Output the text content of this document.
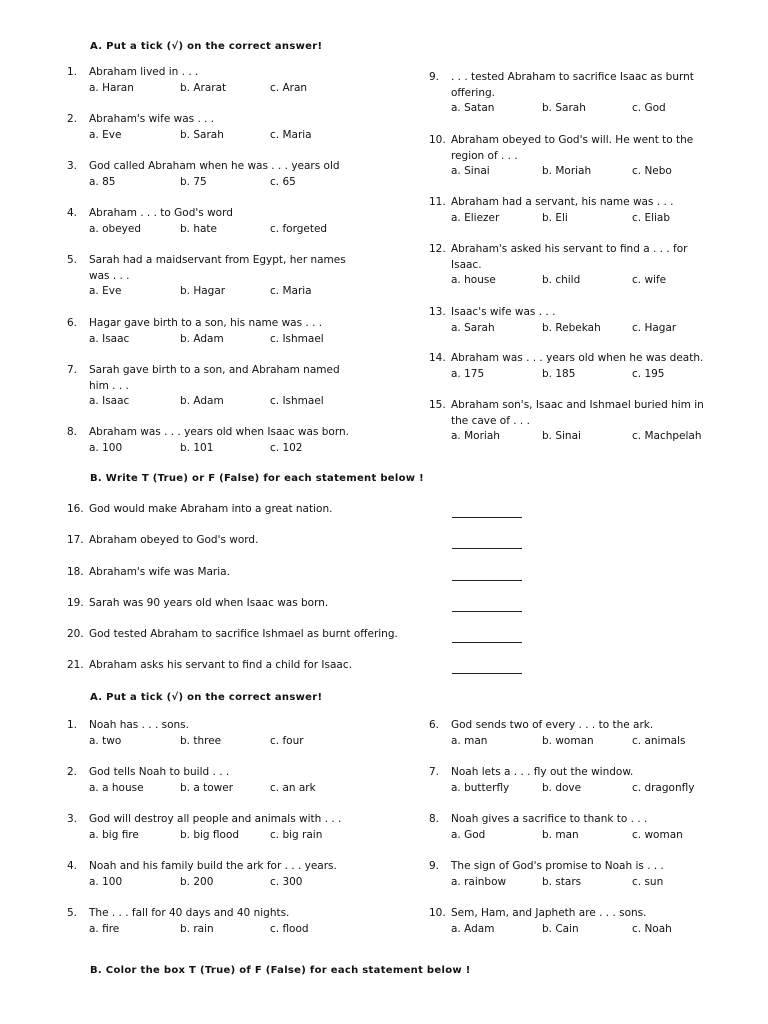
A. Put a tick (√) on the correct answer!
1. Abraham lived in . . .
a. Haran	b. Ararat	c. Aran
2. Abraham's wife was . . .
a. Eve	b. Sarah	c. Maria
3. God called Abraham when he was . . . years old
a. 85	b. 75	c. 65
4. Abraham . . . to God's word
a. obeyed	b. hate	c. forgeted
5. Sarah had a maidservant from Egypt, her names
was . . .
a. Eve	b. Hagar	c. Maria
6. Hagar gave birth to a son, his name was . . .
a. Isaac	b. Adam	c. Ishmael
7. Sarah gave birth to a son, and Abraham named
him . . .
a. Isaac	b. Adam	c. Ishmael
8. Abraham was . . . years old when Isaac was born.
a. 100	b. 101	c. 102
9. . . . tested Abraham to sacrifice Isaac as burnt
offering.
a. Satan	b. Sarah	c. God
10. Abraham obeyed to God's will. He went to the
region of . . .
a. Sinai	b. Moriah	c. Nebo
11. Abraham had a servant, his name was . . .
a. Eliezer	b. Eli	c. Eliab
12. Abraham's asked his servant to find a . . . for
Isaac.
a. house	b. child	c. wife
13. Isaac's wife was . . .
a. Sarah	b. Rebekah	c. Hagar
14. Abraham was . . . years old when he was death.
a. 175	b. 185	c. 195
15. Abraham son's, Isaac and Ishmael buried him in
the cave of . . .
a. Moriah	b. Sinai	c. Machpelah
B. Write T (True) or F (False) for each statement below !
16. God would make Abraham into a great nation.
17. Abraham obeyed to God's word.
18. Abraham's wife was Maria.
19. Sarah was 90 years old when Isaac was born.
20. God tested Abraham to sacrifice Ishmael as burnt offering.
21. Abraham asks his servant to find a child for Isaac.
A. Put a tick (√) on the correct answer!
1. Noah has . . . sons.
a. two	b. three	c. four
2. God tells Noah to build . . .
a. a house	b. a tower	c. an ark
3. God will destroy all people and animals with . . .
a. big fire	b. big flood	c. big rain
4. Noah and his family build the ark for . . . years.
a. 100	b. 200	c. 300
5. The . . . fall for 40 days and 40 nights.
a. fire	b. rain	c. flood
6. God sends two of every . . . to the ark.
a. man	b. woman	c. animals
7. Noah lets a . . . fly out the window.
a. butterfly	b. dove	c. dragonfly
8. Noah gives a sacrifice to thank to . . .
a. God	b. man	c. woman
9. The sign of God's promise to Noah is . . .
a. rainbow	b. stars	c. sun
10. Sem, Ham, and Japheth are . . . sons.
a. Adam	b. Cain	c. Noah
B. Color the box T (True) of F (False) for each statement below !
